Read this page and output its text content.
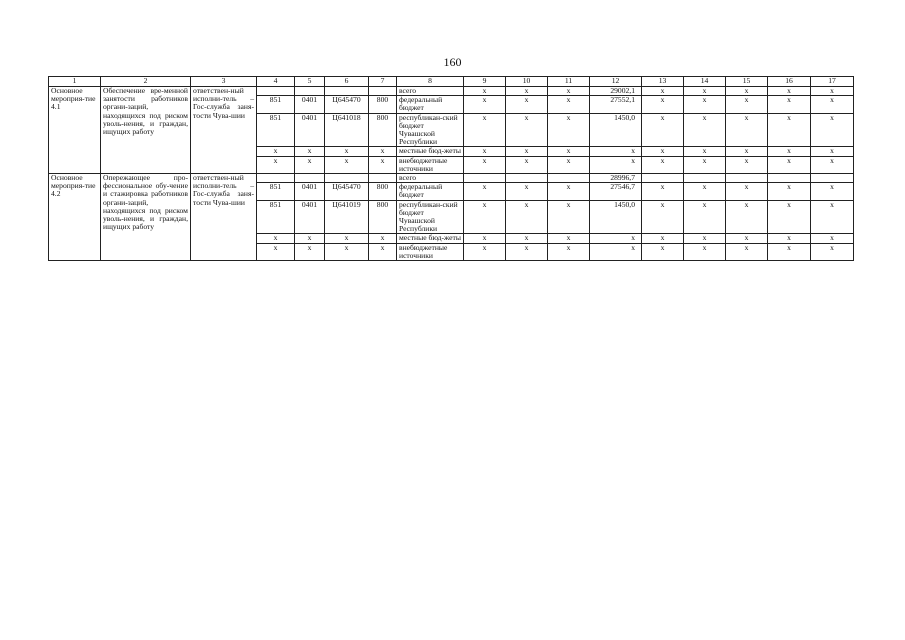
160
1	2	3	4	5	6	7	8	9	10	11	12	13	14	15	16	17
Основное мероприя-тие 4.1	Обеспечение вре-менной занятости работников органи-заций, находящихся под риском уволь-нения, и граждан, ищущих работу	ответствен-ный исполни-тель – Гос-служба заня-тости Чува-шии					всего	х	х	х	29002,1	х	х	х	х	х
			851	0401	Ц645470	800	федеральный бюджет	х	х	х	27552,1	х	х	х	х	х
			851	0401	Ц641018	800	республикан-ский бюджет Чувашской Республики	х	х	х	1450,0	х	х	х	х	х
			х	х	х	х	местные бюд-жеты	х	х	х	х	х	х	х	х	х
			х	х	х	х	внебюджетные источники	х	х	х	х	х	х	х	х	х
Основное мероприя-тие 4.2	Опережающее про-фессиональное обу-чение и стажировка работников органи-заций, находящихся под риском уволь-нения, и граждан, ищущих работу	ответствен-ный исполни-тель – Гос-служба заня-тости Чува-шии					всего				28996,7					
			851	0401	Ц645470	800	федеральный бюджет	х	х	х	27546,7	х	х	х	х	х
			851	0401	Ц641019	800	республикан-ский бюджет Чувашской Республики	х	х	х	1450,0	х	х	х	х	х
			х	х	х	х	местные бюд-жеты	х	х	х	х	х	х	х	х	х
			х	х	х	х	внебюджетные источники	х	х	х	х	х	х	х	х	х
